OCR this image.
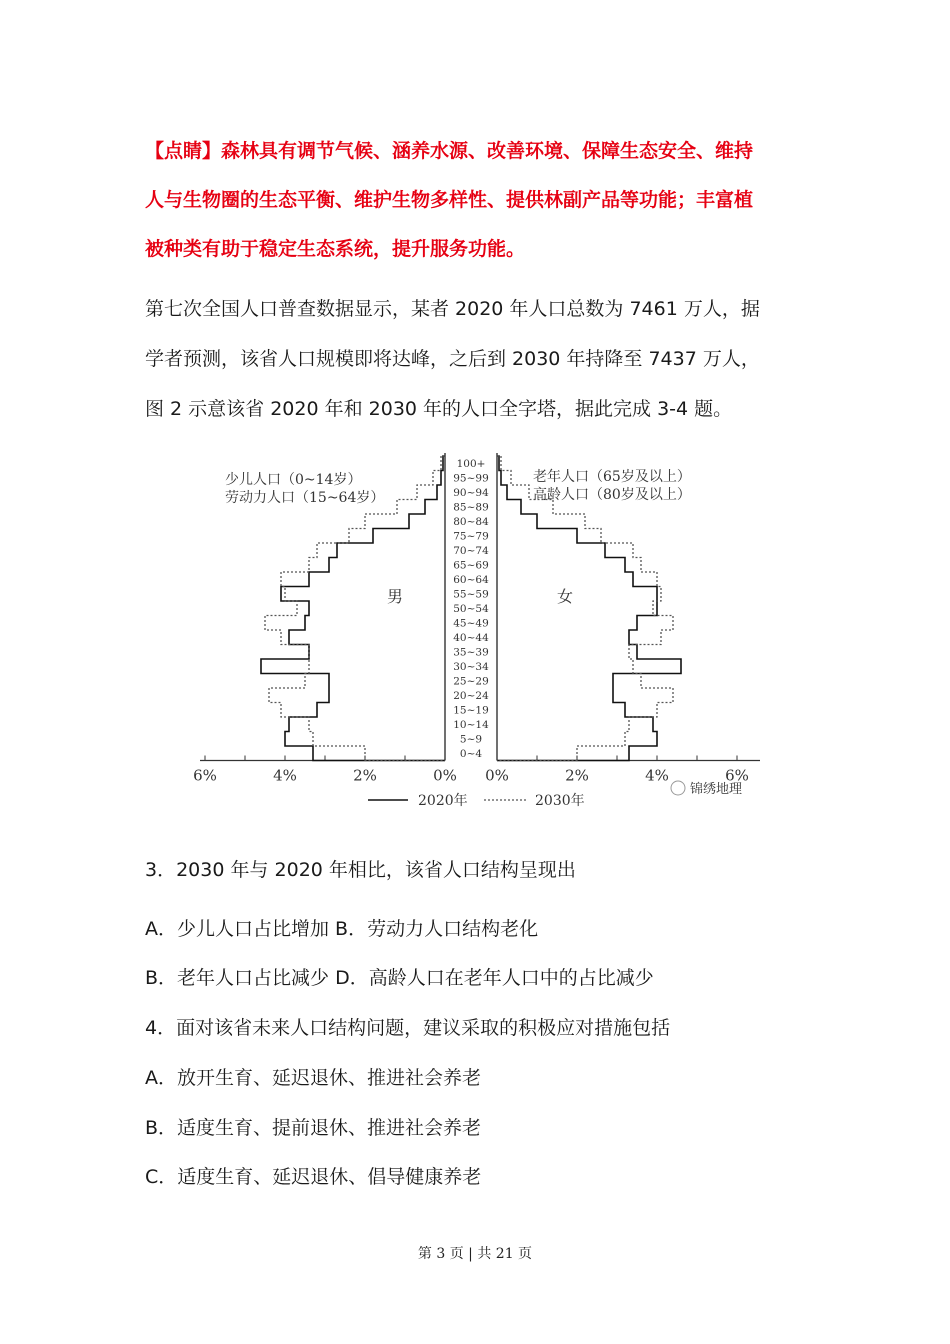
【点睛】森林具有调节气候、涵养水源、改善环境、保障生态安全、维持
人与生物圈的生态平衡、维护生物多样性、提供林副产品等功能；丰富植
被种类有助于稳定生态系统，提升服务功能。
第七次全国人口普查数据显示，某者 2020 年人口总数为 7461 万人，据
学者预测，该省人口规模即将达峰，之后到 2030 年持降至 7437 万人，
图 2 示意该省 2020 年和 2030 年的人口全字塔，据此完成 3-4 题。
6%	4%	2%	0% 0%	2%	4%	6%
100+
95~99
90~94
85~89
80~84
75~79
70~74
65~69
60~64
55~59
50~54
45~49
40~44
35~39
30~34
25~29
20~24
15~19
10~14
5~9
0~4
男	女
少儿人口（0~14岁）
劳动力人口（15~64岁）
老年人口（65岁及以上）
高龄人口（80岁及以上）
2020年	2030年
锦绣地理
3．2030 年与 2020 年相比，该省人口结构呈现出
A．少儿人口占比增加 B．劳动力人口结构老化
B．老年人口占比减少 D．高龄人口在老年人口中的占比减少
4．面对该省未来人口结构问题，建议采取的积极应对措施包括
A．放开生育、延迟退休、推进社会养老
B．适度生育、提前退休、推进社会养老
C．适度生育、延迟退休、倡导健康养老
第 3 页 | 共 21 页
